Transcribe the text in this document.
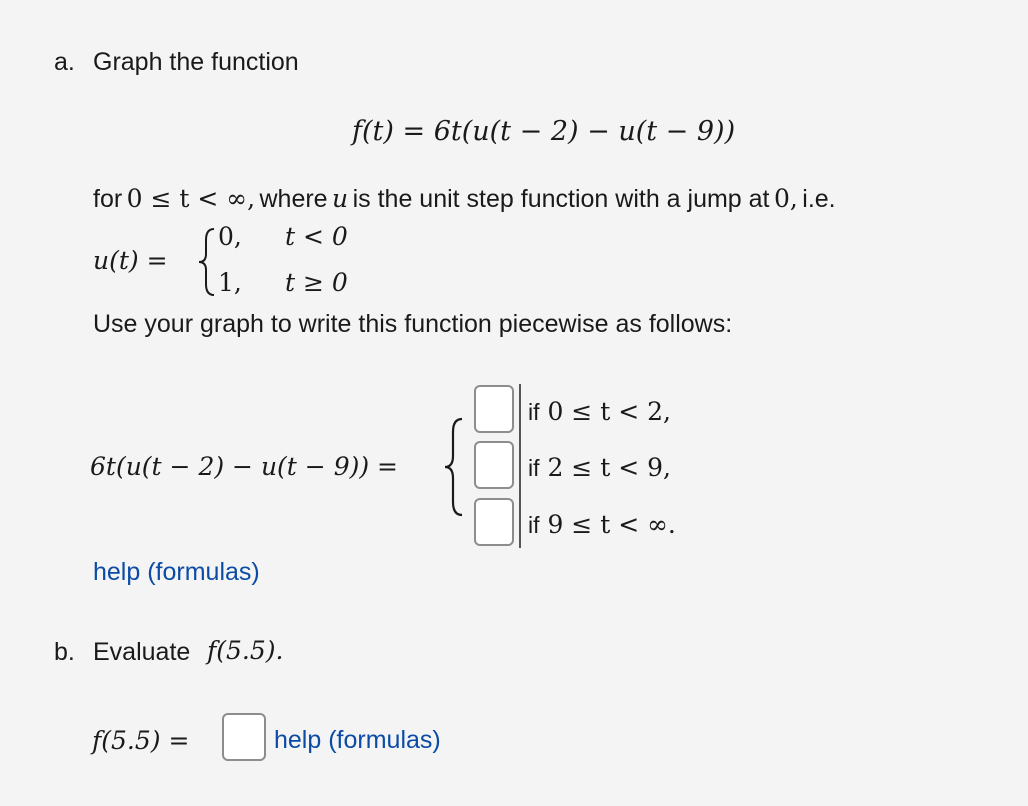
a. Graph the function
f(t) = 6t(u(t − 2) − u(t − 9))
for 0 ≤ t < ∞, where u is the unit step function with a jump at 0, i.e.
u(t) =
0, t < 0
1, t ≥ 0
Use your graph to write this function piecewise as follows:
6t(u(t − 2) − u(t − 9)) =
if 0 ≤ t < 2,
if 2 ≤ t < 9,
if 9 ≤ t < ∞.
help (formulas)
b. Evaluate f(5.5).
f(5.5) =	help (formulas)
